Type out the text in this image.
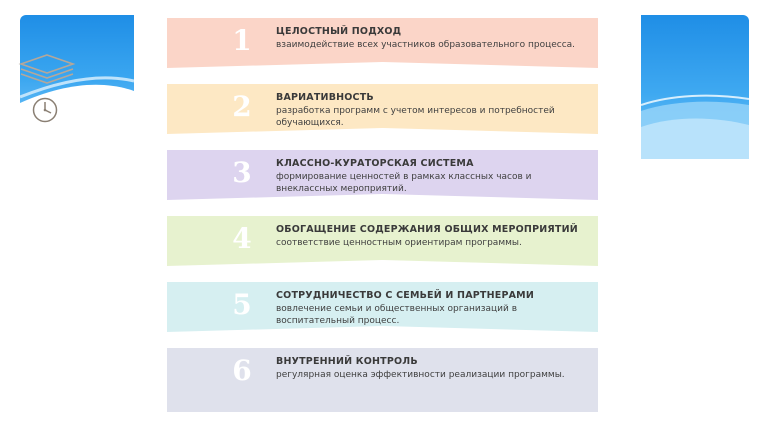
1	ЦЕЛОСТНЫЙ ПОДХОД
взаимодействие всех участников образовательного процесса.
2	ВАРИАТИВНОСТЬ
разработка программ с учетом интересов и потребностей обучающихся.
3	КЛАССНО-КУРАТОРСКАЯ СИСТЕМА
формирование ценностей в рамках классных часов и внеклассных мероприятий.
4	ОБОГАЩЕНИЕ СОДЕРЖАНИЯ ОБЩИХ МЕРОПРИЯТИЙ
соответствие ценностным ориентирам программы.
5	СОТРУДНИЧЕСТВО С СЕМЬЕЙ И ПАРТНЕРАМИ
вовлечение семьи и общественных организаций в воспитательный процесс.
6	ВНУТРЕННИЙ КОНТРОЛЬ
регулярная оценка эффективности реализации программы.
